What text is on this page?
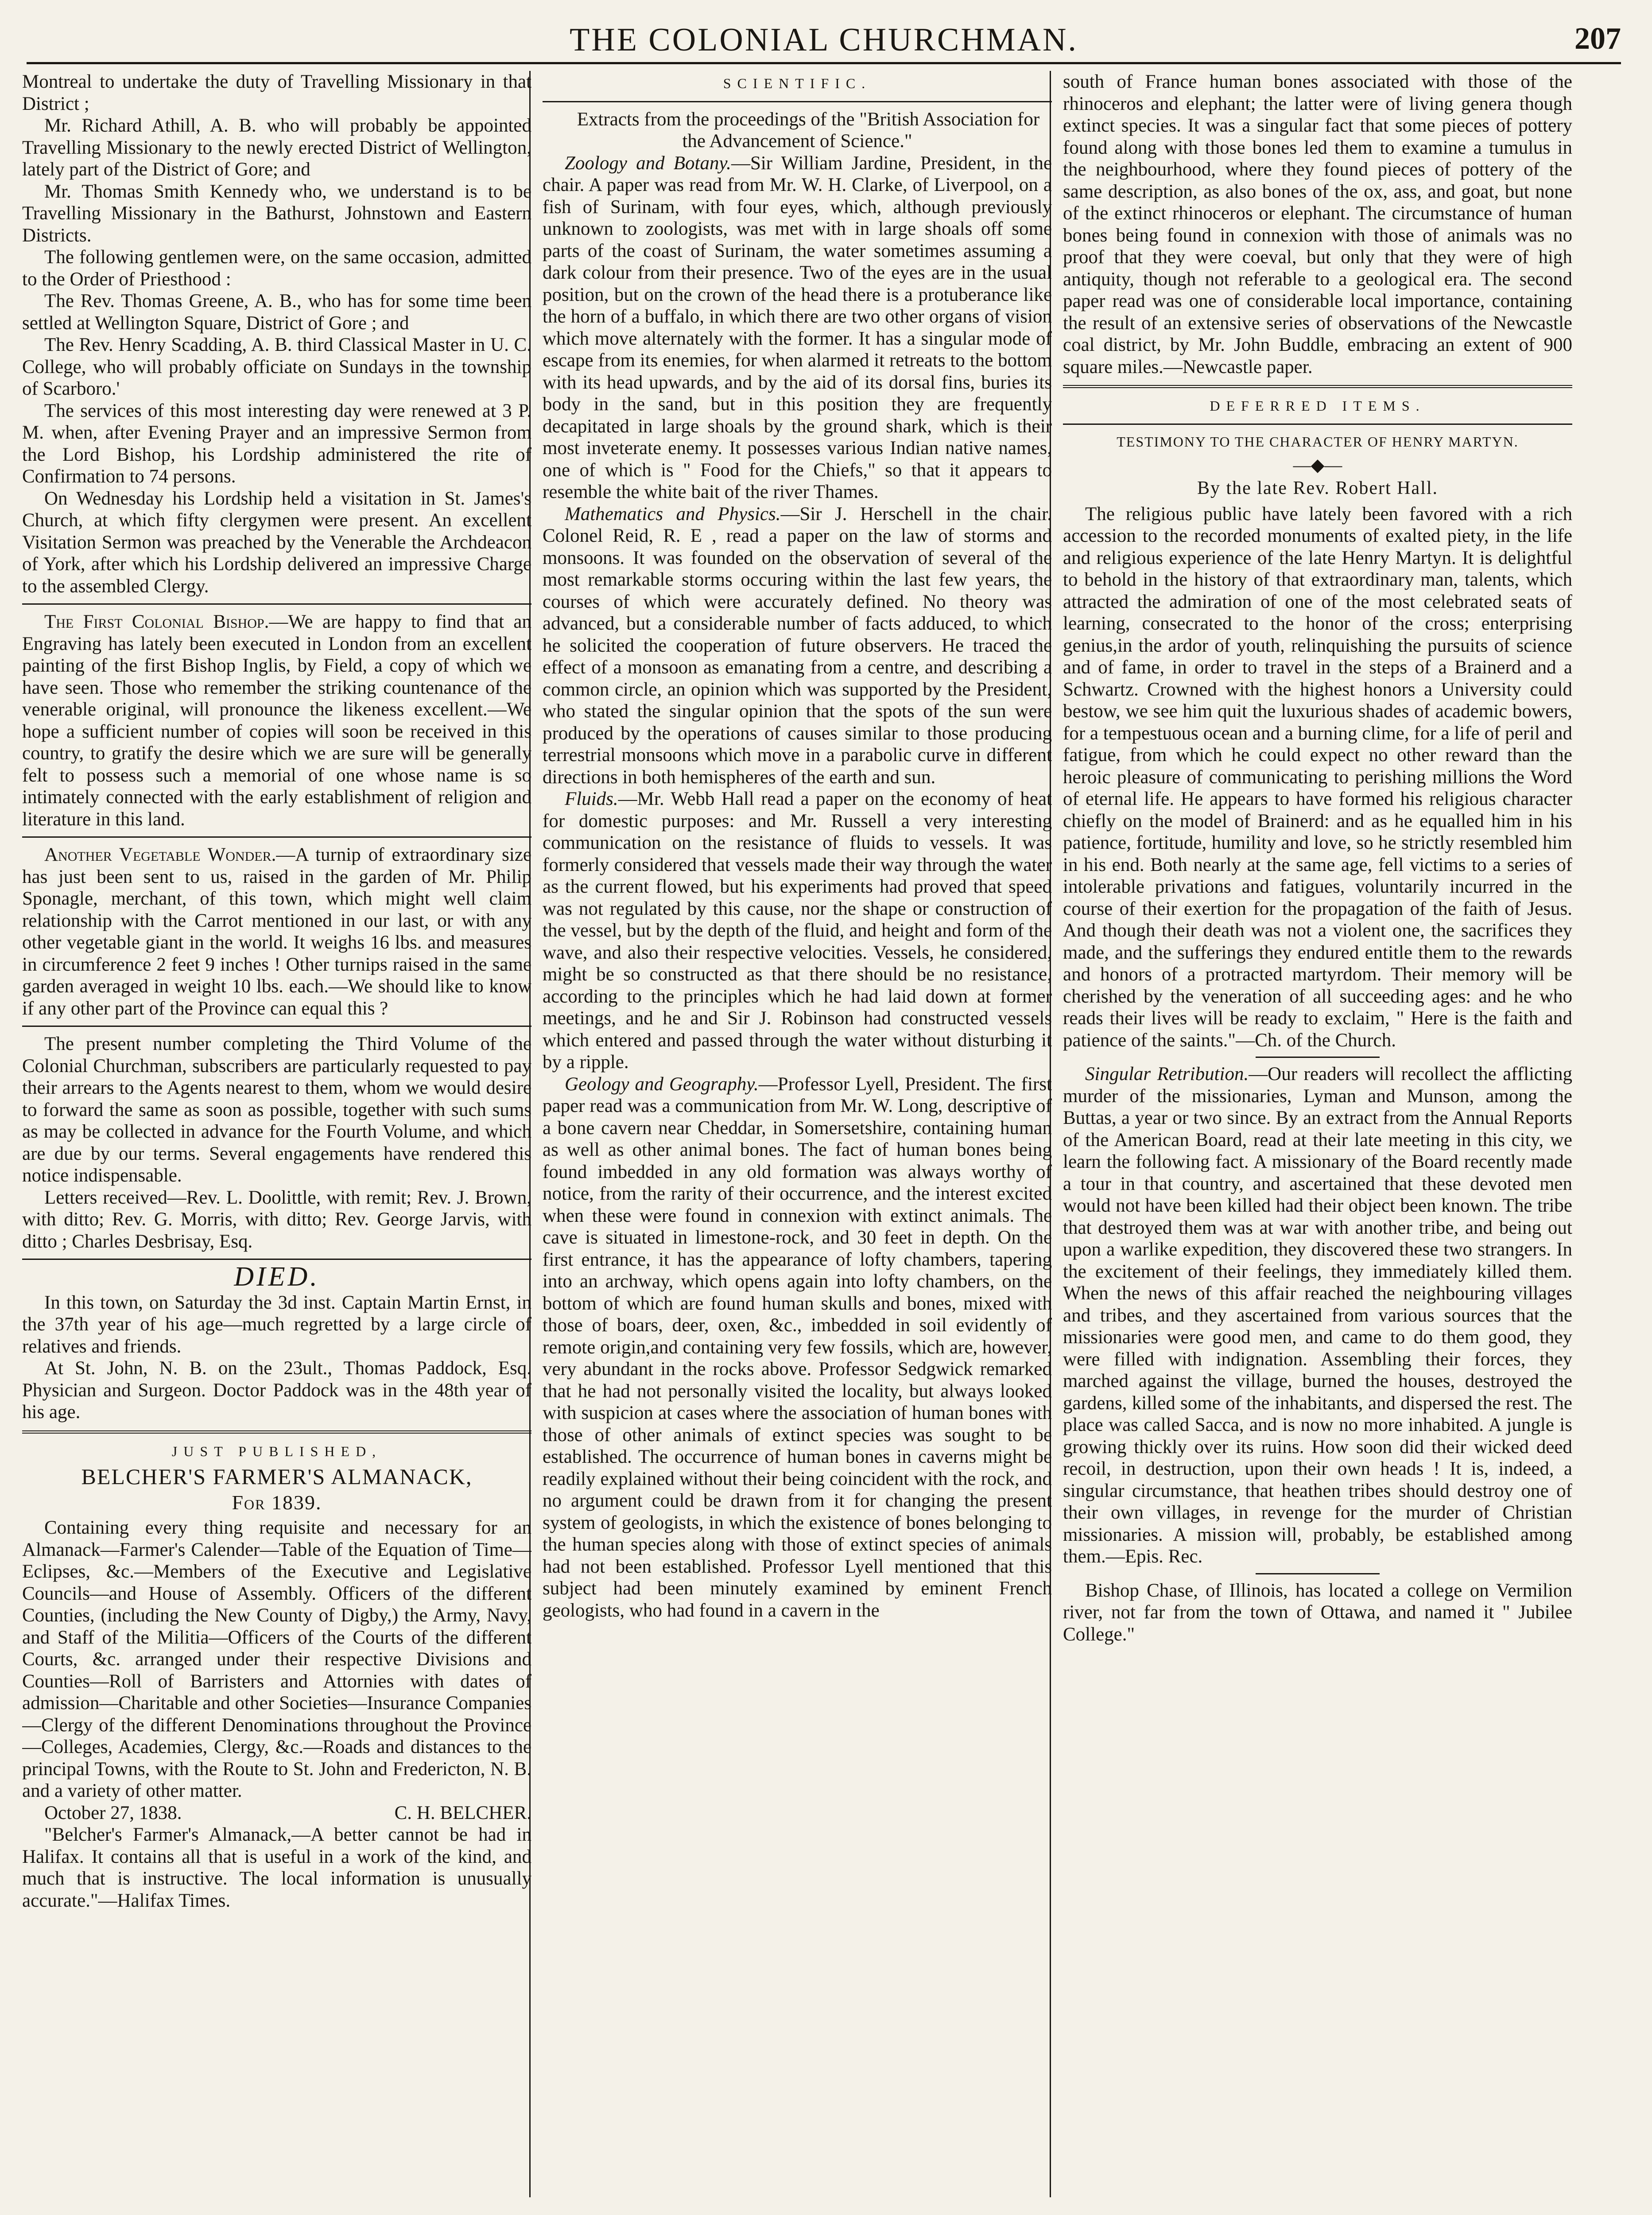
THE COLONIAL CHURCHMAN.	207

Montreal to undertake the duty of Travelling Missionary in that District ;

Mr. Richard Athill, A. B. who will probably be appointed Travelling Missionary to the newly erected District of Wellington, lately part of the District of Gore; and

Mr. Thomas Smith Kennedy who, we understand is to be Travelling Missionary in the Bathurst, Johnstown and Eastern Districts.

The following gentlemen were, on the same occasion, admitted to the Order of Priesthood :

The Rev. Thomas Greene, A. B., who has for some time been settled at Wellington Square, District of Gore ; and

The Rev. Henry Scadding, A. B. third Classical Master in U. C. College, who will probably officiate on Sundays in the township of Scarboro.'

The services of this most interesting day were renewed at 3 P. M. when, after Evening Prayer and an impressive Sermon from the Lord Bishop, his Lordship administered the rite of Confirmation to 74 persons.

On Wednesday his Lordship held a visitation in St. James's Church, at which fifty clergymen were present. An excellent Visitation Sermon was preached by the Venerable the Archdeacon of York, after which his Lordship delivered an impressive Charge to the assembled Clergy.

The First Colonial Bishop.—We are happy to find that an Engraving has lately been executed in London from an excellent painting of the first Bishop Inglis, by Field, a copy of which we have seen. Those who remember the striking countenance of the venerable original, will pronounce the likeness excellent.—We hope a sufficient number of copies will soon be received in this country, to gratify the desire which we are sure will be generally felt to possess such a memorial of one whose name is so intimately connected with the early establishment of religion and literature in this land.

Another Vegetable Wonder.—A turnip of extraordinary size has just been sent to us, raised in the garden of Mr. Philip Sponagle, merchant, of this town, which might well claim relationship with the Carrot mentioned in our last, or with any other vegetable giant in the world. It weighs 16 lbs. and measures in circumference 2 feet 9 inches ! Other turnips raised in the same garden averaged in weight 10 lbs. each.—We should like to know if any other part of the Province can equal this ?

The present number completing the Third Volume of the Colonial Churchman, subscribers are particularly requested to pay their arrears to the Agents nearest to them, whom we would desire to forward the same as soon as possible, together with such sums as may be collected in advance for the Fourth Volume, and which are due by our terms. Several engagements have rendered this notice indispensable.

Letters received—Rev. L. Doolittle, with remit; Rev. J. Brown, with ditto; Rev. G. Morris, with ditto; Rev. George Jarvis, with ditto ; Charles Desbrisay, Esq.

DIED.

In this town, on Saturday the 3d inst. Captain Martin Ernst, in the 37th year of his age—much regretted by a large circle of relatives and friends.

At St. John, N. B. on the 23ult., Thomas Paddock, Esq. Physician and Surgeon. Doctor Paddock was in the 48th year of his age.

JUST PUBLISHED,
BELCHER'S FARMER'S ALMANACK,
For 1839.

Containing every thing requisite and necessary for an Almanack—Farmer's Calender—Table of the Equation of Time—Eclipses, &c.—Members of the Executive and Legislative Councils—and House of Assembly. Officers of the different Counties, (including the New County of Digby,) the Army, Navy, and Staff of the Militia—Officers of the Courts of the different Courts, &c. arranged under their respective Divisions and Counties—Roll of Barristers and Attornies with dates of admission—Charitable and other Societies—Insurance Companies—Clergy of the different Denominations throughout the Province—Colleges, Academies, Clergy, &c.—Roads and distances to the principal Towns, with the Route to St. John and Fredericton, N. B. and a variety of other matter.

October 27, 1838.	C. H. BELCHER.

"Belcher's Farmer's Almanack,—A better cannot be had in Halifax. It contains all that is useful in a work of the kind, and much that is instructive. The local information is unusually accurate."—Halifax Times.

SCIENTIFIC.

Extracts from the proceedings of the "British Association for the Advancement of Science."

Zoology and Botany.—Sir William Jardine, President, in the chair. A paper was read from Mr. W. H. Clarke, of Liverpool, on a fish of Surinam, with four eyes, which, although previously unknown to zoologists, was met with in large shoals off some parts of the coast of Surinam, the water sometimes assuming a dark colour from their presence. Two of the eyes are in the usual position, but on the crown of the head there is a protuberance like the horn of a buffalo, in which there are two other organs of vision which move alternately with the former. It has a singular mode of escape from its enemies, for when alarmed it retreats to the bottom with its head upwards, and by the aid of its dorsal fins, buries its body in the sand, but in this position they are frequently decapitated in large shoals by the ground shark, which is their most inveterate enemy. It possesses various Indian native names, one of which is " Food for the Chiefs," so that it appears to resemble the white bait of the river Thames.

Mathematics and Physics.—Sir J. Herschell in the chair. Colonel Reid, R. E , read a paper on the law of storms and monsoons. It was founded on the observation of several of the most remarkable storms occuring within the last few years, the courses of which were accurately defined. No theory was advanced, but a considerable number of facts adduced, to which he solicited the cooperation of future observers. He traced the effect of a monsoon as emanating from a centre, and describing a common circle, an opinion which was supported by the President, who stated the singular opinion that the spots of the sun were produced by the operations of causes similar to those producing terrestrial monsoons which move in a parabolic curve in different directions in both hemispheres of the earth and sun.

Fluids.—Mr. Webb Hall read a paper on the economy of heat for domestic purposes: and Mr. Russell a very interesting communication on the resistance of fluids to vessels. It was formerly considered that vessels made their way through the water as the current flowed, but his experiments had proved that speed was not regulated by this cause, nor the shape or construction of the vessel, but by the depth of the fluid, and height and form of the wave, and also their respective velocities. Vessels, he considered, might be so constructed as that there should be no resistance, according to the principles which he had laid down at former meetings, and he and Sir J. Robinson had constructed vessels which entered and passed through the water without disturbing it by a ripple.

Geology and Geography.—Professor Lyell, President. The first paper read was a communication from Mr. W. Long, descriptive of a bone cavern near Cheddar, in Somersetshire, containing human as well as other animal bones. The fact of human bones being found imbedded in any old formation was always worthy of notice, from the rarity of their occurrence, and the interest excited when these were found in connexion with extinct animals. The cave is situated in limestone-rock, and 30 feet in depth. On the first entrance, it has the appearance of lofty chambers, tapering into an archway, which opens again into lofty chambers, on the bottom of which are found human skulls and bones, mixed with those of boars, deer, oxen, &c., imbedded in soil evidently of remote origin,and containing very few fossils, which are, however, very abundant in the rocks above. Professor Sedgwick remarked that he had not personally visited the locality, but always looked with suspicion at cases where the association of human bones with those of other animals of extinct species was sought to be established. The occurrence of human bones in caverns might be readily explained without their being coincident with the rock, and no argument could be drawn from it for changing the present system of geologists, in which the existence of bones belonging to the human species along with those of extinct species of animals had not been established. Professor Lyell mentioned that this subject had been minutely examined by eminent French geologists, who had found in a cavern in the

south of France human bones associated with those of the rhinoceros and elephant; the latter were of living genera though extinct species. It was a singular fact that some pieces of pottery found along with those bones led them to examine a tumulus in the neighbourhood, where they found pieces of pottery of the same description, as also bones of the ox, ass, and goat, but none of the extinct rhinoceros or elephant. The circumstance of human bones being found in connexion with those of animals was no proof that they were coeval, but only that they were of high antiquity, though not referable to a geological era. The second paper read was one of considerable local importance, containing the result of an extensive series of observations of the Newcastle coal district, by Mr. John Buddle, embracing an extent of 900 square miles.—Newcastle paper.

DEFERRED ITEMS.
TESTIMONY TO THE CHARACTER OF HENRY MARTYN.
—◆—
By the late Rev. Robert Hall.

The religious public have lately been favored with a rich accession to the recorded monuments of exalted piety, in the life and religious experience of the late Henry Martyn. It is delightful to behold in the history of that extraordinary man, talents, which attracted the admiration of one of the most celebrated seats of learning, consecrated to the honor of the cross; enterprising genius,in the ardor of youth, relinquishing the pursuits of science and of fame, in order to travel in the steps of a Brainerd and a Schwartz. Crowned with the highest honors a University could bestow, we see him quit the luxurious shades of academic bowers, for a tempestuous ocean and a burning clime, for a life of peril and fatigue, from which he could expect no other reward than the heroic pleasure of communicating to perishing millions the Word of eternal life. He appears to have formed his religious character chiefly on the model of Brainerd: and as he equalled him in his patience, fortitude, humility and love, so he strictly resembled him in his end. Both nearly at the same age, fell victims to a series of intolerable privations and fatigues, voluntarily incurred in the course of their exertion for the propagation of the faith of Jesus. And though their death was not a violent one, the sacrifices they made, and the sufferings they endured entitle them to the rewards and honors of a protracted martyrdom. Their memory will be cherished by the veneration of all succeeding ages: and he who reads their lives will be ready to exclaim, " Here is the faith and patience of the saints."—Ch. of the Church.

Singular Retribution.—Our readers will recollect the afflicting murder of the missionaries, Lyman and Munson, among the Buttas, a year or two since. By an extract from the Annual Reports of the American Board, read at their late meeting in this city, we learn the following fact. A missionary of the Board recently made a tour in that country, and ascertained that these devoted men would not have been killed had their object been known. The tribe that destroyed them was at war with another tribe, and being out upon a warlike expedition, they discovered these two strangers. In the excitement of their feelings, they immediately killed them. When the news of this affair reached the neighbouring villages and tribes, and they ascertained from various sources that the missionaries were good men, and came to do them good, they were filled with indignation. Assembling their forces, they marched against the village, burned the houses, destroyed the gardens, killed some of the inhabitants, and dispersed the rest. The place was called Sacca, and is now no more inhabited. A jungle is growing thickly over its ruins. How soon did their wicked deed recoil, in destruction, upon their own heads ! It is, indeed, a singular circumstance, that heathen tribes should destroy one of their own villages, in revenge for the murder of Christian missionaries. A mission will, probably, be established among them.—Epis. Rec.

Bishop Chase, of Illinois, has located a college on Vermilion river, not far from the town of Ottawa, and named it " Jubilee College."
